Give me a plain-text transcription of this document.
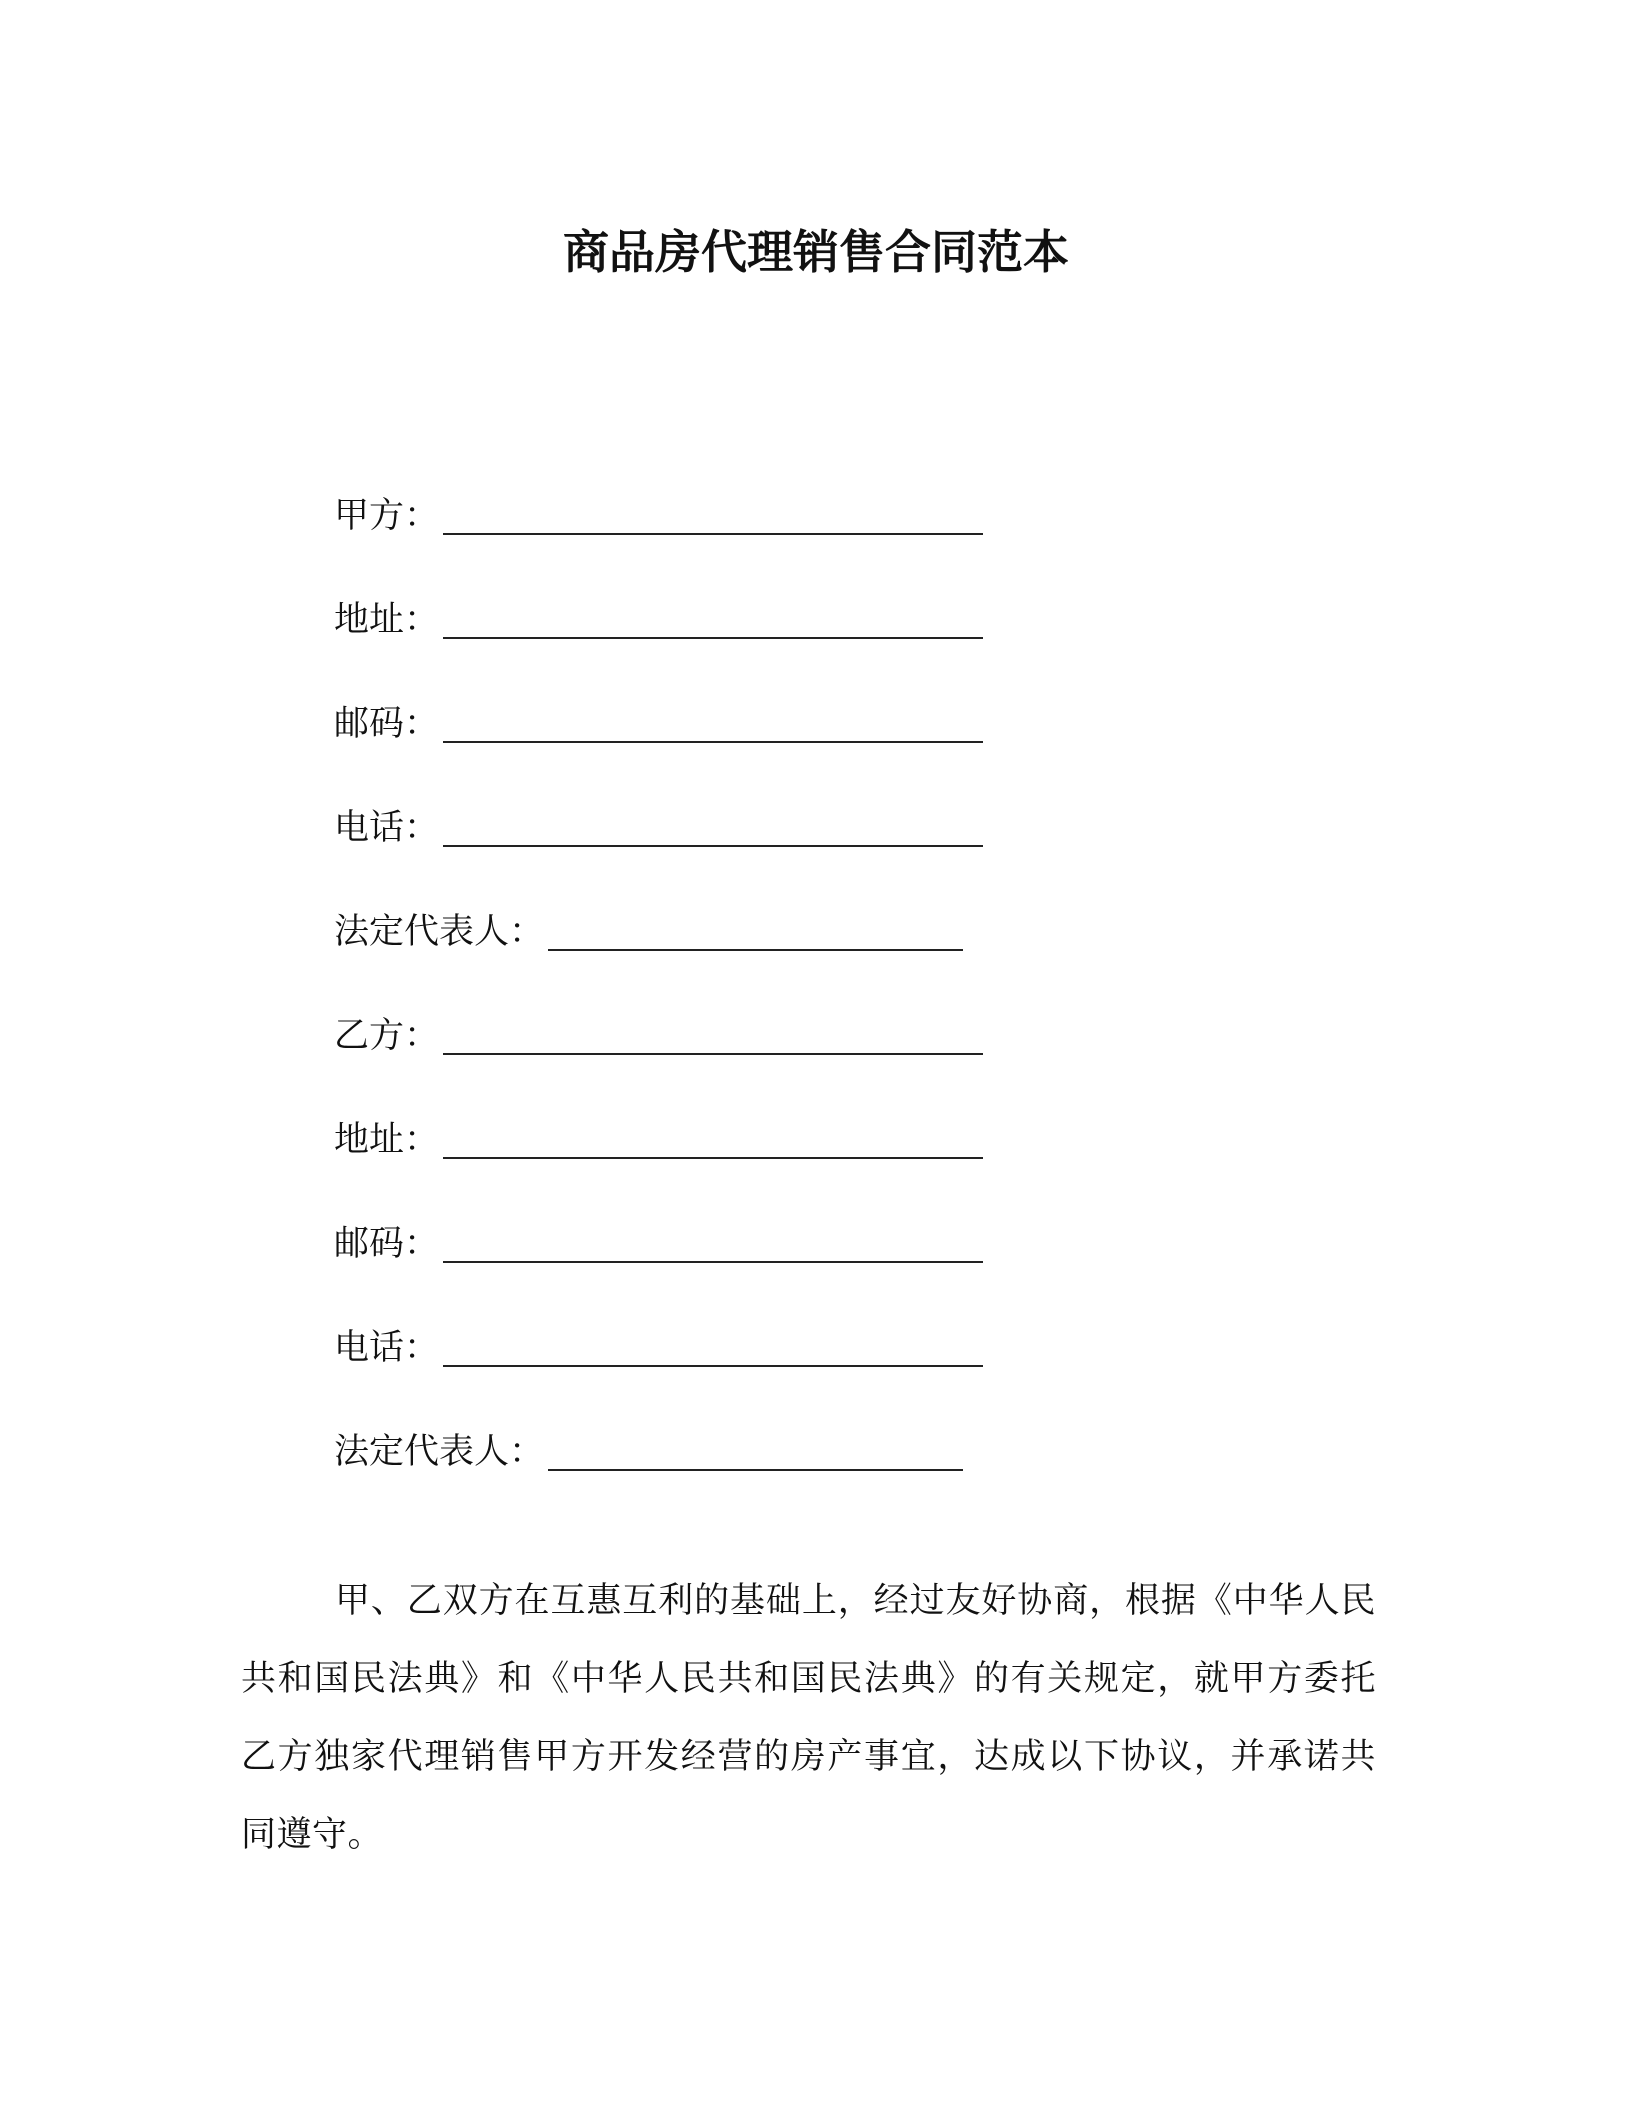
商品房代理销售合同范本
甲方：
地址：
邮码：
电话：
法定代表人：
乙方：
地址：
邮码：
电话：
法定代表人：

甲、乙双方在互惠互利的基础上，经过友好协商，根据《中华人民共和国民法典》和《中华人民共和国民法典》的有关规定，就甲方委托乙方独家代理销售甲方开发经营的房产事宜，达成以下协议，并承诺共同遵守。
